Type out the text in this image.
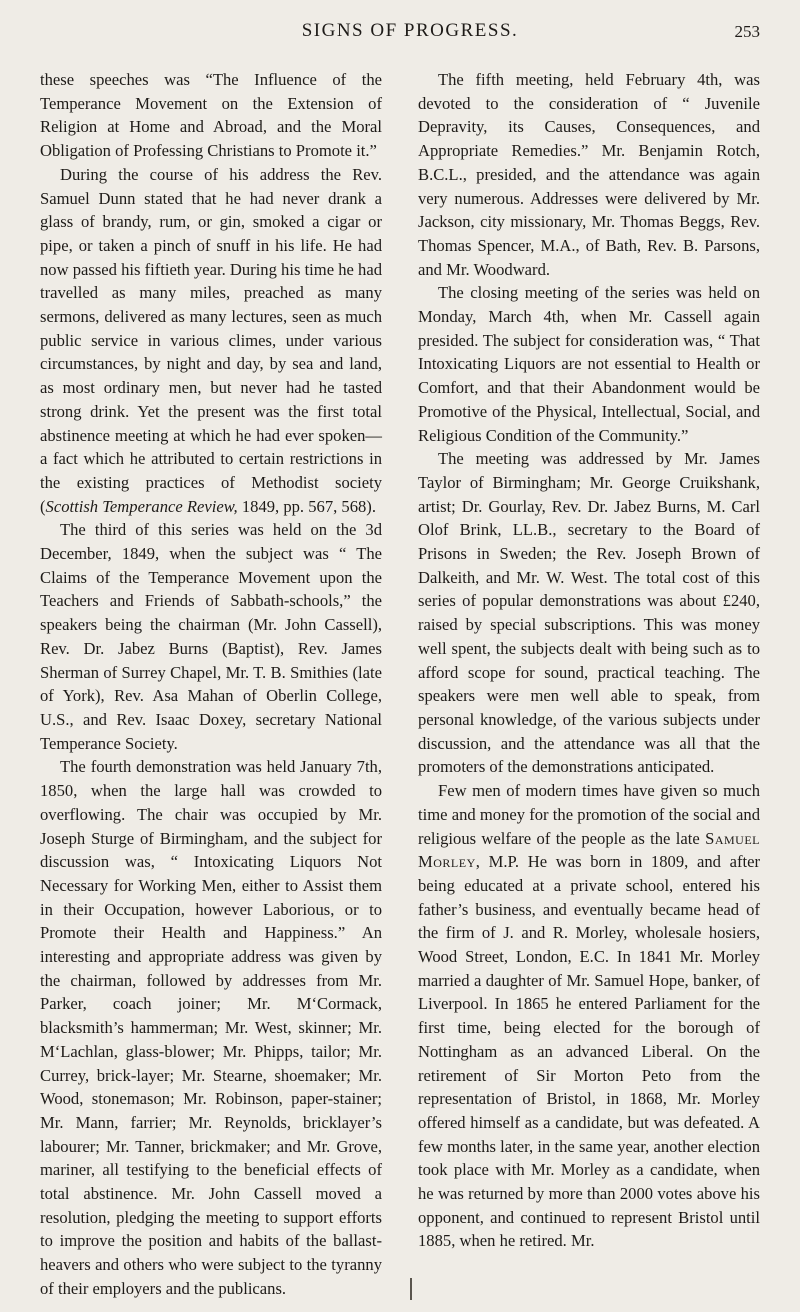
SIGNS OF PROGRESS.	253

these speeches was “The Influence of the Temperance Movement on the Extension of Religion at Home and Abroad, and the Moral Obligation of Professing Christians to Promote it.”

During the course of his address the Rev. Samuel Dunn stated that he had never drank a glass of brandy, rum, or gin, smoked a cigar or pipe, or taken a pinch of snuff in his life. He had now passed his fiftieth year. During his time he had travelled as many miles, preached as many sermons, delivered as many lectures, seen as much public service in various climes, under various circumstances, by night and day, by sea and land, as most ordinary men, but never had he tasted strong drink. Yet the present was the first total abstinence meeting at which he had ever spoken—a fact which he attributed to certain restrictions in the existing practices of Methodist society (Scottish Temperance Review, 1849, pp. 567, 568).

The third of this series was held on the 3d December, 1849, when the subject was “ The Claims of the Temperance Movement upon the Teachers and Friends of Sabbath-schools,” the speakers being the chairman (Mr. John Cassell), Rev. Dr. Jabez Burns (Baptist), Rev. James Sherman of Surrey Chapel, Mr. T. B. Smithies (late of York), Rev. Asa Mahan of Oberlin College, U.S., and Rev. Isaac Doxey, secretary National Temperance Society.

The fourth demonstration was held January 7th, 1850, when the large hall was crowded to overflowing. The chair was occupied by Mr. Joseph Sturge of Birmingham, and the subject for discussion was, “ Intoxicating Liquors Not Necessary for Working Men, either to Assist them in their Occupation, however Laborious, or to Promote their Health and Happiness.” An interesting and appropriate address was given by the chairman, followed by addresses from Mr. Parker, coach joiner; Mr. M‘Cormack, blacksmith’s hammerman; Mr. West, skinner; Mr. M‘Lachlan, glass-blower; Mr. Phipps, tailor; Mr. Currey, brick-layer; Mr. Stearne, shoemaker; Mr. Wood, stonemason; Mr. Robinson, paper-stainer; Mr. Mann, farrier; Mr. Reynolds, bricklayer’s labourer; Mr. Tanner, brickmaker; and Mr. Grove, mariner, all testifying to the beneficial effects of total abstinence. Mr. John Cassell moved a resolution, pledging the meeting to support efforts to improve the position and habits of the ballast-heavers and others who were subject to the tyranny of their employers and the publicans.

The fifth meeting, held February 4th, was devoted to the consideration of “ Juvenile Depravity, its Causes, Consequences, and Appropriate Remedies.” Mr. Benjamin Rotch, B.C.L., presided, and the attendance was again very numerous. Addresses were delivered by Mr. Jackson, city missionary, Mr. Thomas Beggs, Rev. Thomas Spencer, M.A., of Bath, Rev. B. Parsons, and Mr. Woodward.

The closing meeting of the series was held on Monday, March 4th, when Mr. Cassell again presided. The subject for consideration was, “ That Intoxicating Liquors are not essential to Health or Comfort, and that their Abandonment would be Promotive of the Physical, Intellectual, Social, and Religious Condition of the Community.”

The meeting was addressed by Mr. James Taylor of Birmingham; Mr. George Cruikshank, artist; Dr. Gourlay, Rev. Dr. Jabez Burns, M. Carl Olof Brink, LL.B., secretary to the Board of Prisons in Sweden; the Rev. Joseph Brown of Dalkeith, and Mr. W. West. The total cost of this series of popular demonstrations was about £240, raised by special subscriptions. This was money well spent, the subjects dealt with being such as to afford scope for sound, practical teaching. The speakers were men well able to speak, from personal knowledge, of the various subjects under discussion, and the attendance was all that the promoters of the demonstrations anticipated.

Few men of modern times have given so much time and money for the promotion of the social and religious welfare of the people as the late Samuel Morley, M.P. He was born in 1809, and after being educated at a private school, entered his father’s business, and eventually became head of the firm of J. and R. Morley, wholesale hosiers, Wood Street, London, E.C. In 1841 Mr. Morley married a daughter of Mr. Samuel Hope, banker, of Liverpool. In 1865 he entered Parliament for the first time, being elected for the borough of Nottingham as an advanced Liberal. On the retirement of Sir Morton Peto from the representation of Bristol, in 1868, Mr. Morley offered himself as a candidate, but was defeated. A few months later, in the same year, another election took place with Mr. Morley as a candidate, when he was returned by more than 2000 votes above his opponent, and continued to represent Bristol until 1885, when he retired. Mr.
